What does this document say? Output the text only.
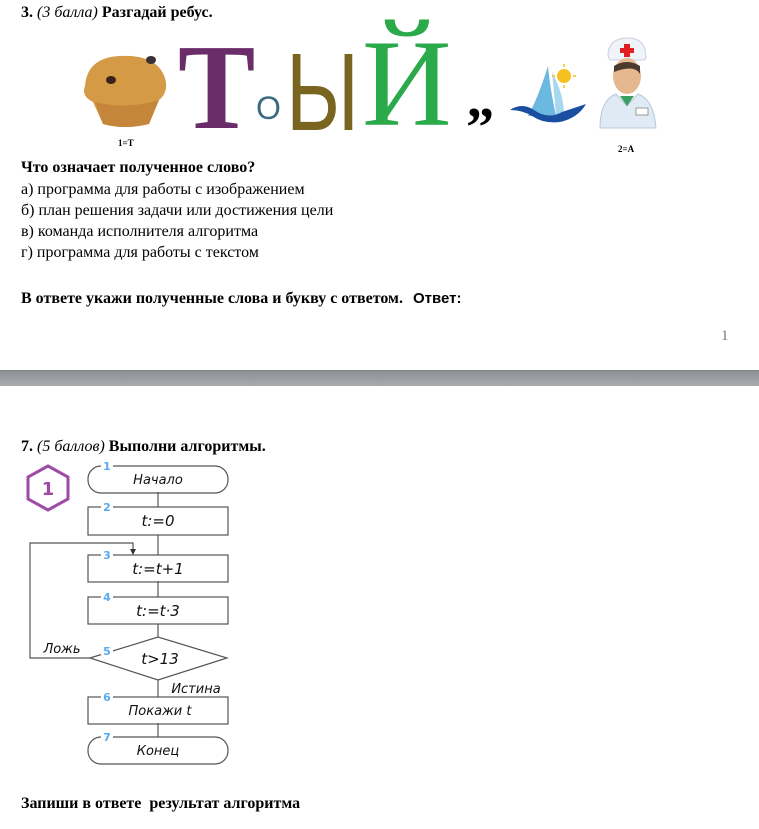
3. (3 балла) Разгадай ребус.
1=Т Т О Ы Й ”	2=А
Что означает полученное слово?
а) программа для работы с изображением
б) план решения задачи или достижения цели
в) команда исполнителя алгоритма
г) программа для работы с текстом
В ответе укажи полученные слова и букву с ответом. Ответ:
1
7. (5 баллов) Выполни алгоритмы.
1
1
2
3
4
5
6
7
Начало
t:=0
t:=t+1
t:=t·3
t>13
Покажи t
Конец
Ложь
Истина
Запиши в ответе  результат алгоритма
